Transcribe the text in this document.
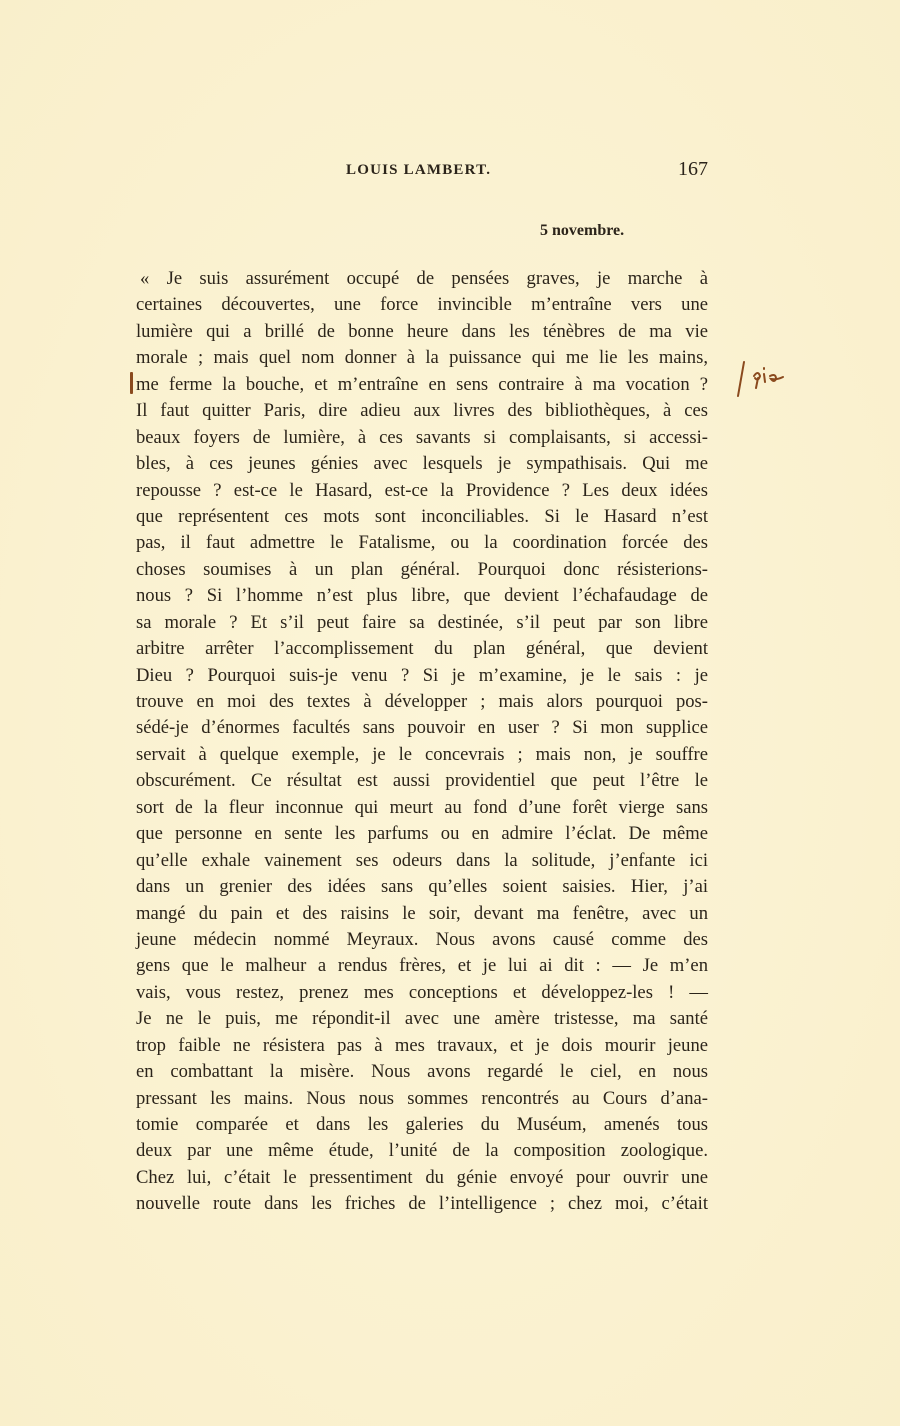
LOUIS LAMBERT.	167
5 novembre.
« Je suis assurément occupé de pensées graves, je marche à
certaines découvertes, une force invincible m’entraîne vers une
lumière qui a brillé de bonne heure dans les ténèbres de ma vie
morale ; mais quel nom donner à la puissance qui me lie les mains,
me ferme la bouche, et m’entraîne en sens contraire à ma vocation ?
Il faut quitter Paris, dire adieu aux livres des bibliothèques, à ces
beaux foyers de lumière, à ces savants si complaisants, si accessi-
bles, à ces jeunes génies avec lesquels je sympathisais. Qui me
repousse ? est-ce le Hasard, est-ce la Providence ? Les deux idées
que représentent ces mots sont inconciliables. Si le Hasard n’est
pas, il faut admettre le Fatalisme, ou la coordination forcée des
choses soumises à un plan général. Pourquoi donc résisterions-
nous ? Si l’homme n’est plus libre, que devient l’échafaudage de
sa morale ? Et s’il peut faire sa destinée, s’il peut par son libre
arbitre arrêter l’accomplissement du plan général, que devient
Dieu ? Pourquoi suis-je venu ? Si je m’examine, je le sais : je
trouve en moi des textes à développer ; mais alors pourquoi pos-
sédé-je d’énormes facultés sans pouvoir en user ? Si mon supplice
servait à quelque exemple, je le concevrais ; mais non, je souffre
obscurément. Ce résultat est aussi providentiel que peut l’être le
sort de la fleur inconnue qui meurt au fond d’une forêt vierge sans
que personne en sente les parfums ou en admire l’éclat. De même
qu’elle exhale vainement ses odeurs dans la solitude, j’enfante ici
dans un grenier des idées sans qu’elles soient saisies. Hier, j’ai
mangé du pain et des raisins le soir, devant ma fenêtre, avec un
jeune médecin nommé Meyraux. Nous avons causé comme des
gens que le malheur a rendus frères, et je lui ai dit : — Je m’en
vais, vous restez, prenez mes conceptions et développez-les ! —
Je ne le puis, me répondit-il avec une amère tristesse, ma santé
trop faible ne résistera pas à mes travaux, et je dois mourir jeune
en combattant la misère. Nous avons regardé le ciel, en nous
pressant les mains. Nous nous sommes rencontrés au Cours d’ana-
tomie comparée et dans les galeries du Muséum, amenés tous
deux par une même étude, l’unité de la composition zoologique.
Chez lui, c’était le pressentiment du génie envoyé pour ouvrir une
nouvelle route dans les friches de l’intelligence ; chez moi, c’était
